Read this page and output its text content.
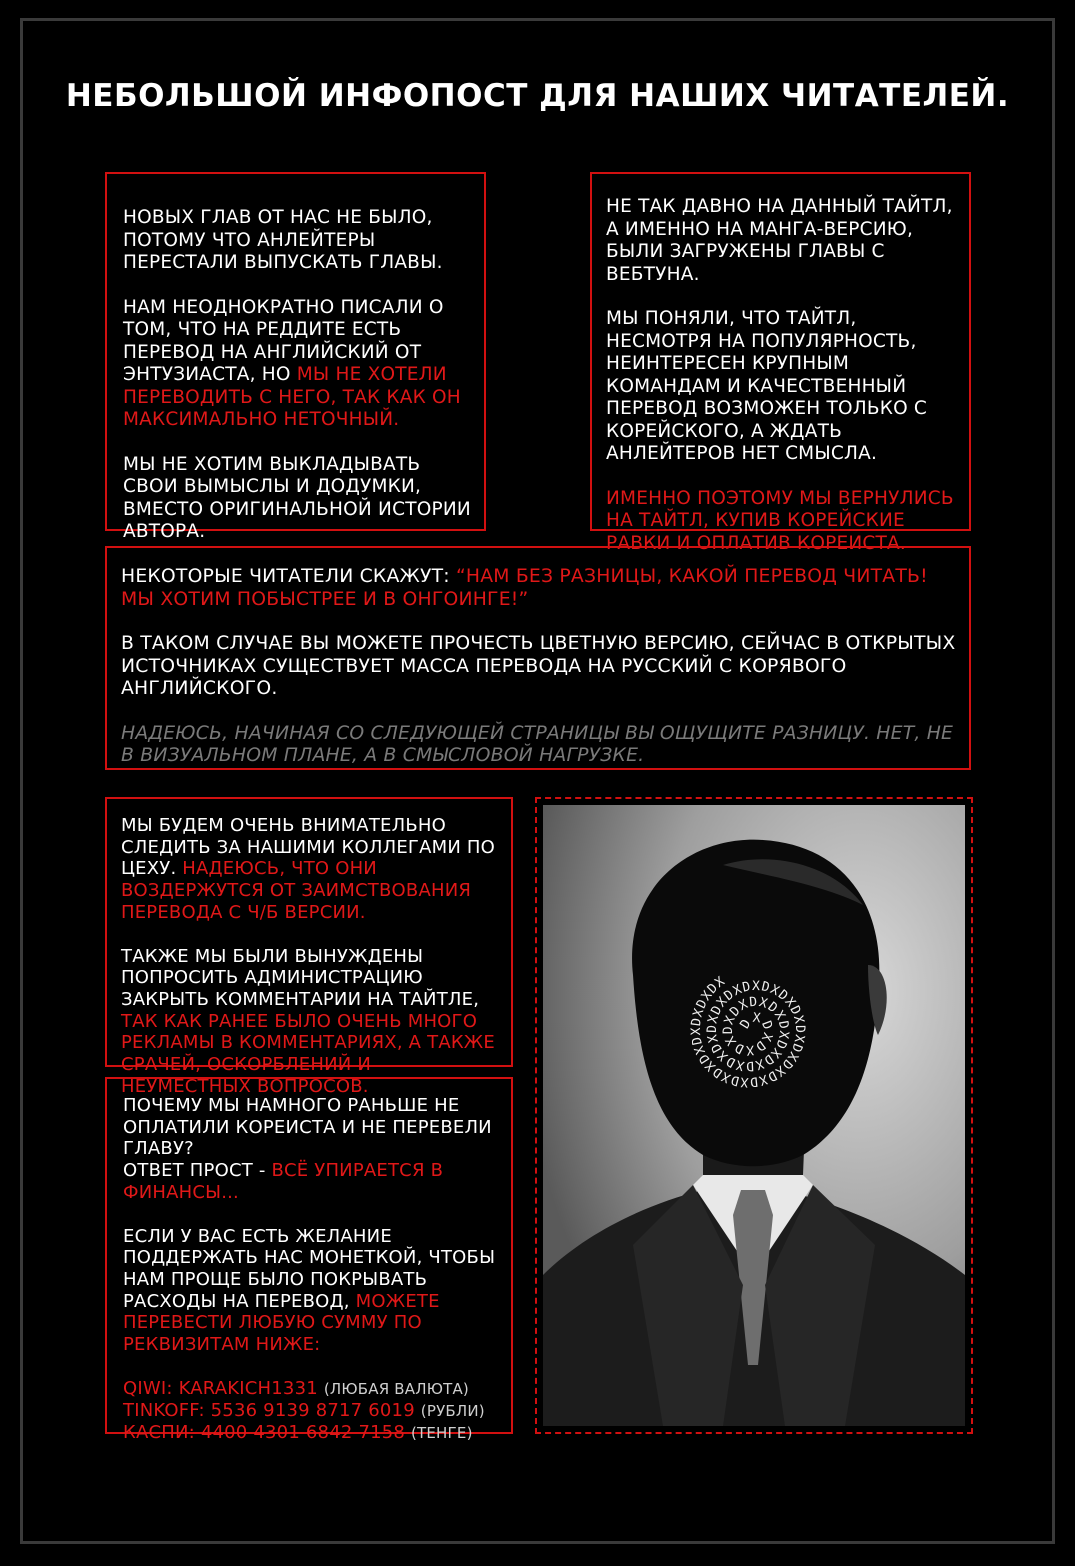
НЕБОЛЬШОЙ ИНФОПОСТ ДЛЯ НАШИХ ЧИТАТЕЛЕЙ.

НОВЫХ ГЛАВ ОТ НАС НЕ БЫЛО, ПОТОМУ ЧТО АНЛЕЙТЕРЫ ПЕРЕСТАЛИ ВЫПУСКАТЬ ГЛАВЫ.

НАМ НЕОДНОКРАТНО ПИСАЛИ О ТОМ, ЧТО НА РЕДДИТЕ ЕСТЬ ПЕРЕВОД НА АНГЛИЙСКИЙ ОТ ЭНТУЗИАСТА, НО МЫ НЕ ХОТЕЛИ ПЕРЕВОДИТЬ С НЕГО, ТАК КАК ОН МАКСИМАЛЬНО НЕТОЧНЫЙ.

МЫ НЕ ХОТИМ ВЫКЛАДЫВАТЬ СВОИ ВЫМЫСЛЫ И ДОДУМКИ, ВМЕСТО ОРИГИНАЛЬНОЙ ИСТОРИИ АВТОРА.

НЕ ТАК ДАВНО НА ДАННЫЙ ТАЙТЛ, А ИМЕННО НА МАНГА-ВЕРСИЮ, БЫЛИ ЗАГРУЖЕНЫ ГЛАВЫ С ВЕБТУНА.

МЫ ПОНЯЛИ, ЧТО ТАЙТЛ, НЕСМОТРЯ НА ПОПУЛЯРНОСТЬ, НЕИНТЕРЕСЕН КРУПНЫМ КОМАНДАМ И КАЧЕСТВЕННЫЙ ПЕРЕВОД ВОЗМОЖЕН ТОЛЬКО С КОРЕЙСКОГО, А ЖДАТЬ АНЛЕЙТЕРОВ НЕТ СМЫСЛА.

ИМЕННО ПОЭТОМУ МЫ ВЕРНУЛИСЬ НА ТАЙТЛ, КУПИВ КОРЕЙСКИЕ РАВКИ И ОПЛАТИВ КОРЕИСТА.

НЕКОТОРЫЕ ЧИТАТЕЛИ СКАЖУТ: “НАМ БЕЗ РАЗНИЦЫ, КАКОЙ ПЕРЕВОД ЧИТАТЬ! МЫ ХОТИМ ПОБЫСТРЕЕ И В ОНГОИНГЕ!”

В ТАКОМ СЛУЧАЕ ВЫ МОЖЕТЕ ПРОЧЕСТЬ ЦВЕТНУЮ ВЕРСИЮ, СЕЙЧАС В ОТКРЫТЫХ ИСТОЧНИКАХ СУЩЕСТВУЕТ МАССА ПЕРЕВОДА НА РУССКИЙ С КОРЯВОГО АНГЛИЙСКОГО.

НАДЕЮСЬ, НАЧИНАЯ СО СЛЕДУЮЩЕЙ СТРАНИЦЫ ВЫ ОЩУЩИТЕ РАЗНИЦУ. НЕТ, НЕ В ВИЗУАЛЬНОМ ПЛАНЕ, А В СМЫСЛОВОЙ НАГРУЗКЕ.

МЫ БУДЕМ ОЧЕНЬ ВНИМАТЕЛЬНО СЛЕДИТЬ ЗА НАШИМИ КОЛЛЕГАМИ ПО ЦЕХУ. НАДЕЮСЬ, ЧТО ОНИ ВОЗДЕРЖУТСЯ ОТ ЗАИМСТВОВАНИЯ ПЕРЕВОДА С Ч/Б ВЕРСИИ.

ТАКЖЕ МЫ БЫЛИ ВЫНУЖДЕНЫ ПОПРОСИТЬ АДМИНИСТРАЦИЮ ЗАКРЫТЬ КОММЕНТАРИИ НА ТАЙТЛЕ, ТАК КАК РАНЕЕ БЫЛО ОЧЕНЬ МНОГО РЕКЛАМЫ В КОММЕНТАРИЯХ, А ТАКЖЕ СРАЧЕЙ, ОСКОРБЛЕНИЙ И НЕУМЕСТНЫХ ВОПРОСОВ.

ПОЧЕМУ МЫ НАМНОГО РАНЬШЕ НЕ ОПЛАТИЛИ КОРЕИСТА И НЕ ПЕРЕВЕЛИ ГЛАВУ?
ОТВЕТ ПРОСТ - ВСЁ УПИРАЕТСЯ В ФИНАНСЫ...

ЕСЛИ У ВАС ЕСТЬ ЖЕЛАНИЕ ПОДДЕРЖАТЬ НАС МОНЕТКОЙ, ЧТОБЫ НАМ ПРОЩЕ БЫЛО ПОКРЫВАТЬ РАСХОДЫ НА ПЕРЕВОД, МОЖЕТЕ ПЕРЕВЕСТИ ЛЮБУЮ СУММУ ПО РЕКВИЗИТАМ НИЖЕ:

QIWI: KARAKICH1331 (ЛЮБАЯ ВАЛЮТА)
TINKOFF: 5536 9139 8717 6019 (РУБЛИ)
КАСПИ: 4400 4301 6842 7158 (ТЕНГЕ)
DXDXDXDXDXDXDXDXDXDXDXDXDXDXDXDXDXDXDXDXDXDXDXDXDXDXDXDXDXDXDXDXDX
